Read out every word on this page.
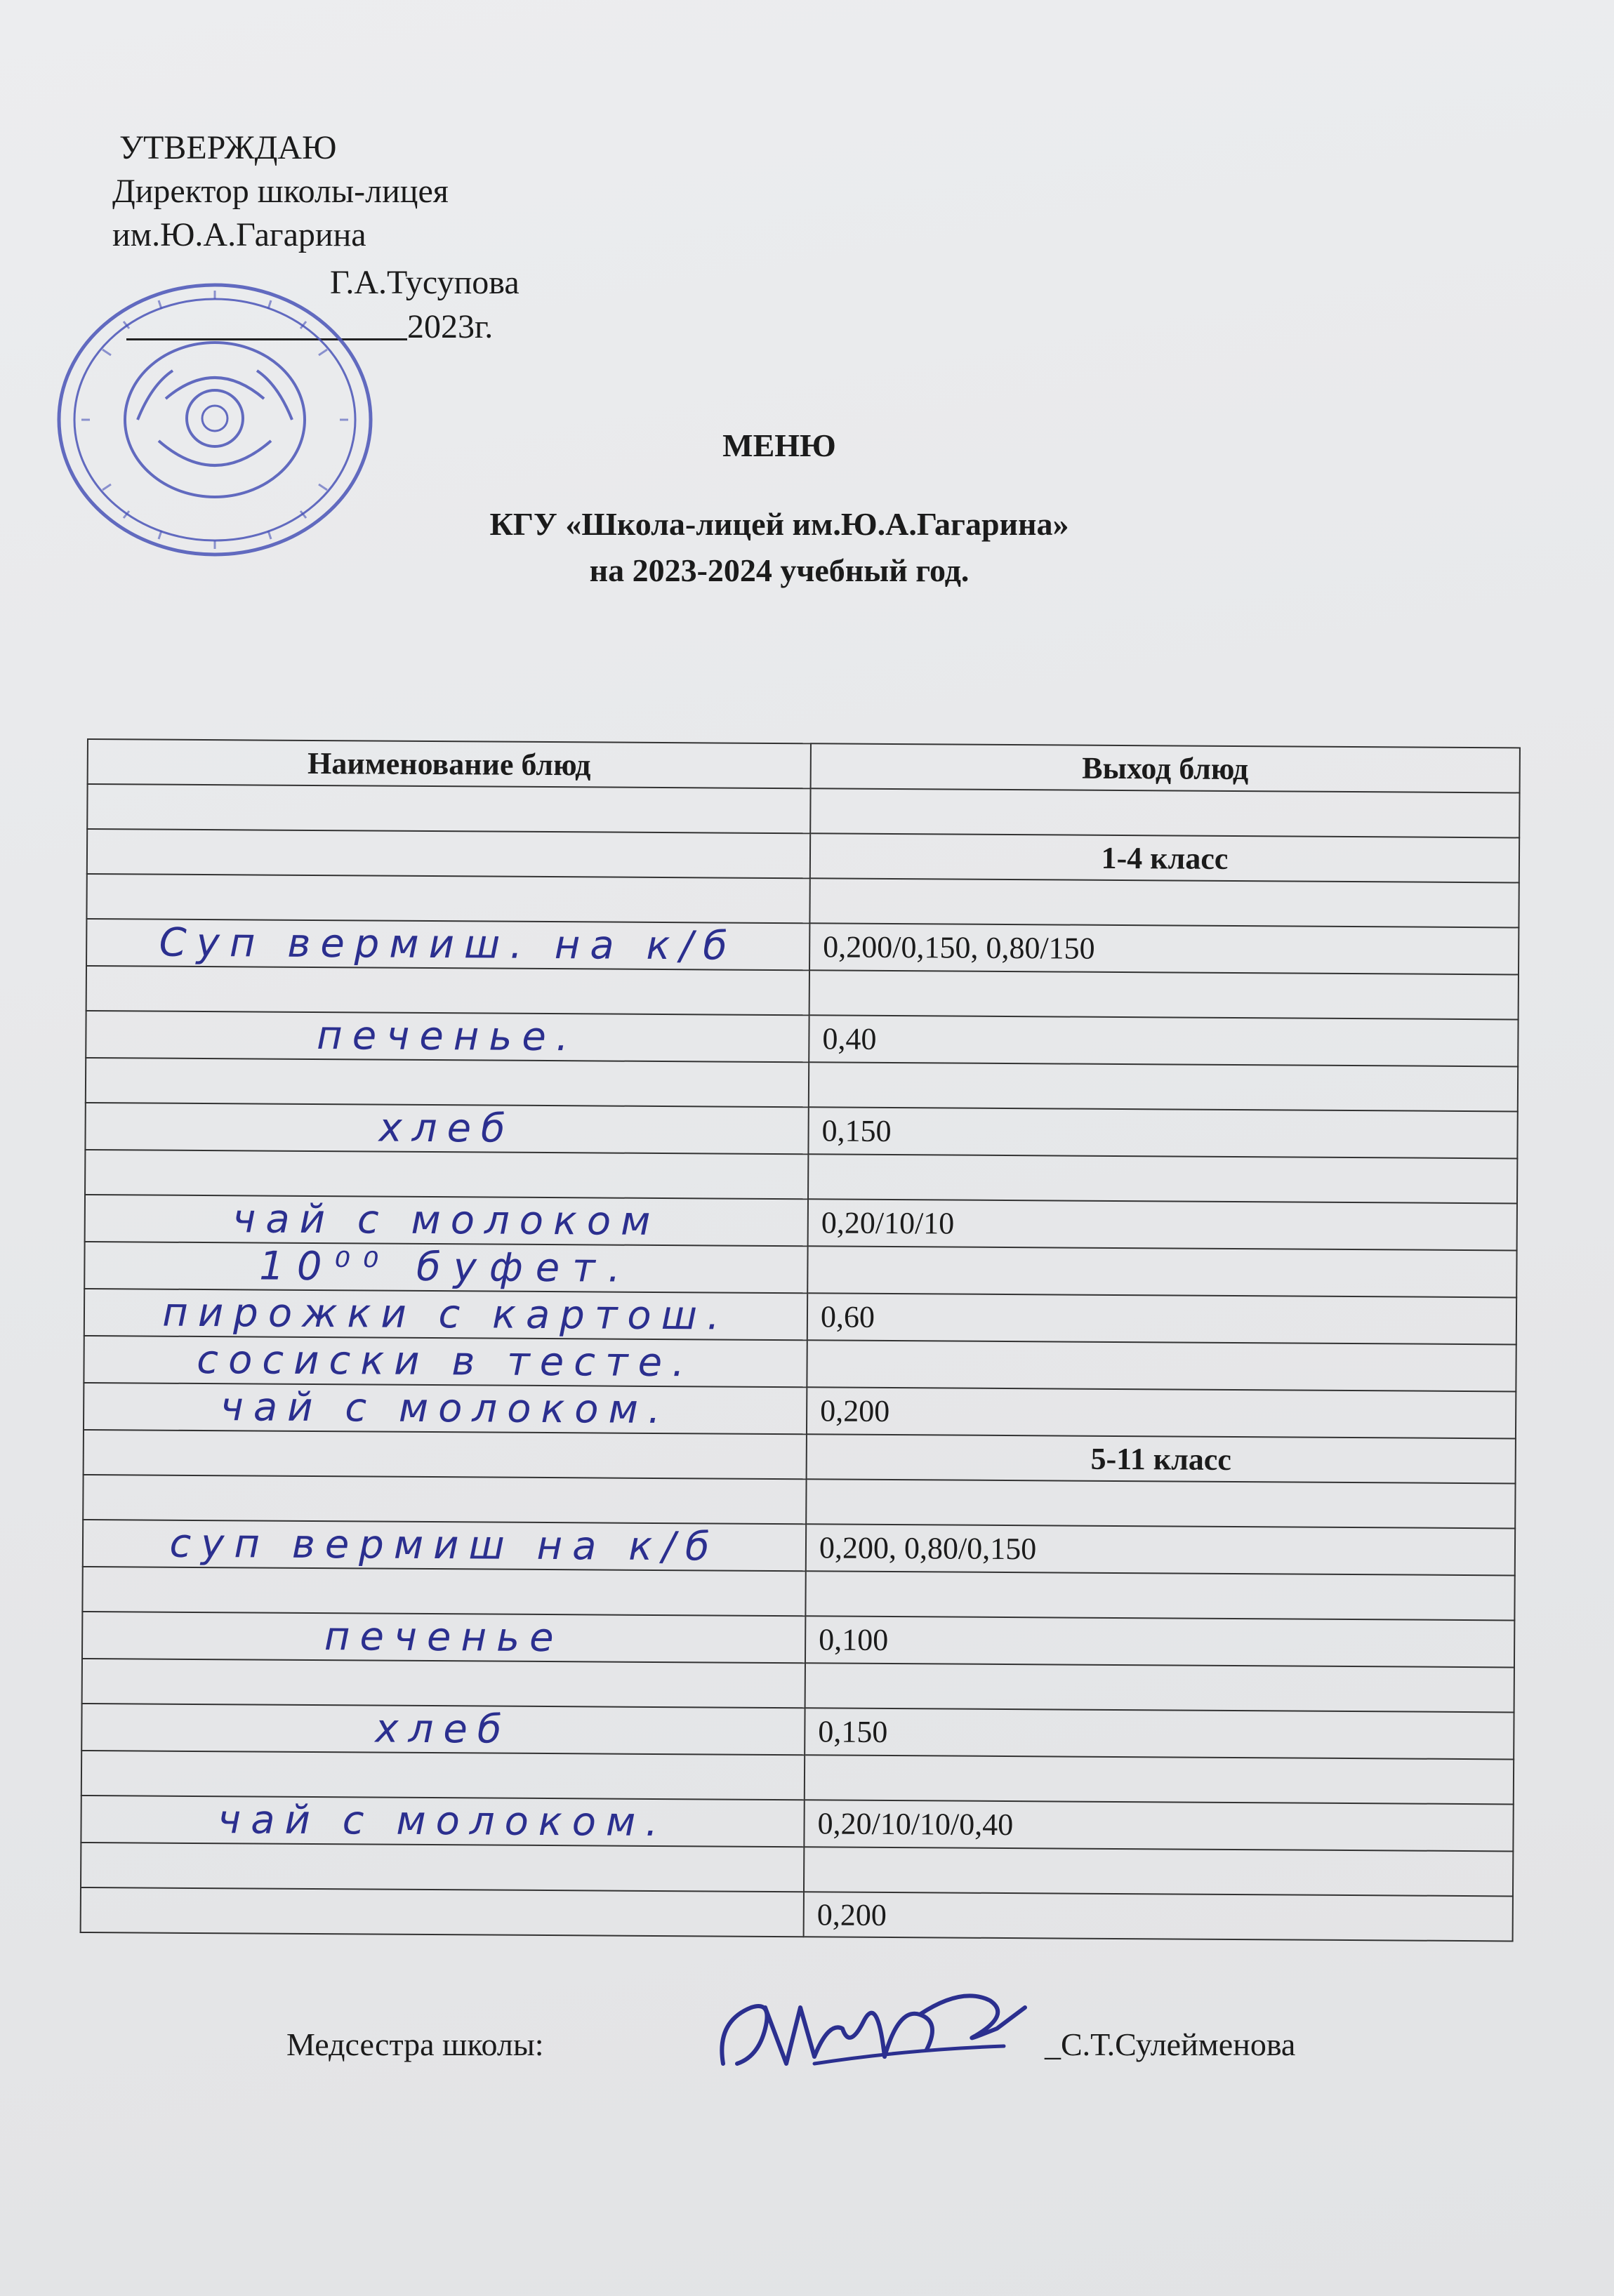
УТВЕРЖДАЮ
Директор школы-лицея
им.Ю.А.Гагарина
Г.А.Тусупова
2023г.
МЕНЮ
КГУ «Школа-лицей им.Ю.А.Гагарина»
на 2023-2024 учебный год.
Наименование блюд	Выход блюд

	1-4 класс

Суп вермиш. на к/б	0,200/0,150, 0,80/150

печенье.	0,40

хлеб	0,150

чай с молоком	0,20/10/10

10⁰⁰ буфет.	

пирожки с картош.	0,60

сосиски в тесте.	

чай с молоком.	0,200
	5-11 класс

суп вермиш на к/б	0,200, 0,80/0,150

печенье	0,100

хлеб	0,150

чай с молоком.	0,20/10/10/0,40

	0,200
Медсестра школы:	_С.Т.Сулейменова
